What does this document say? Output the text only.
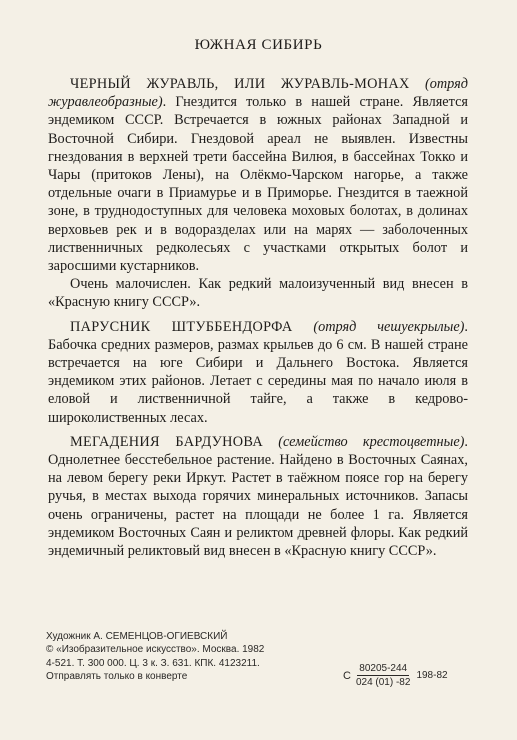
ЮЖНАЯ СИБИРЬ

ЧЕРНЫЙ ЖУРАВЛЬ, ИЛИ ЖУРАВЛЬ-МОНАХ (отряд журавлеобразные). Гнездится только в нашей стране. Является эндемиком СССР. Встречается в южных районах Западной и Восточной Сибири. Гнездовой ареал не выявлен. Известны гнездования в верхней трети бассейна Вилюя, в бассейнах Токко и Чары (притоков Лены), на Олёкмо-Чарском нагорье, а также отдельные очаги в Приамурье и в Приморье. Гнездится в таежной зоне, в труднодоступных для человека моховых болотах, в долинах верховьев рек и в водоразделах или на марях — заболоченных лиственничных редколесьях с участками открытых болот и заросшими кустарников.

Очень малочислен. Как редкий малоизученный вид внесен в «Красную книгу СССР».

ПАРУСНИК ШТУББЕНДОРФА (отряд чешуекрылые). Бабочка средних размеров, размах крыльев до 6 см. В нашей стране встречается на юге Сибири и Дальнего Востока. Является эндемиком этих районов. Летает с середины мая по начало июля в еловой и лиственничной тайге, а также в кедрово-широколиственных лесах.

МЕГАДЕНИЯ БАРДУНОВА (семейство крестоцветные). Однолетнее бесстебельное растение. Найдено в Восточных Саянах, на левом берегу реки Иркут. Растет в таёжном поясе гор на берегу ручья, в местах выхода горячих минеральных источников. Запасы очень ограничены, растет на площади не более 1 га. Является эндемиком Восточных Саян и реликтом древней флоры. Как редкий эндемичный реликтовый вид внесен в «Красную книгу СССР».

Художник А. СЕМЕНЦОВ-ОГИЕВСКИЙ
© «Изобразительное искусство». Москва. 1982
4-521. Т. 300 000. Ц. 3 к. З. 631. КПК. 4123211.
Отправлять только в конверте	С $\frac{80205-244}{024 (01) -82} 198-82$
